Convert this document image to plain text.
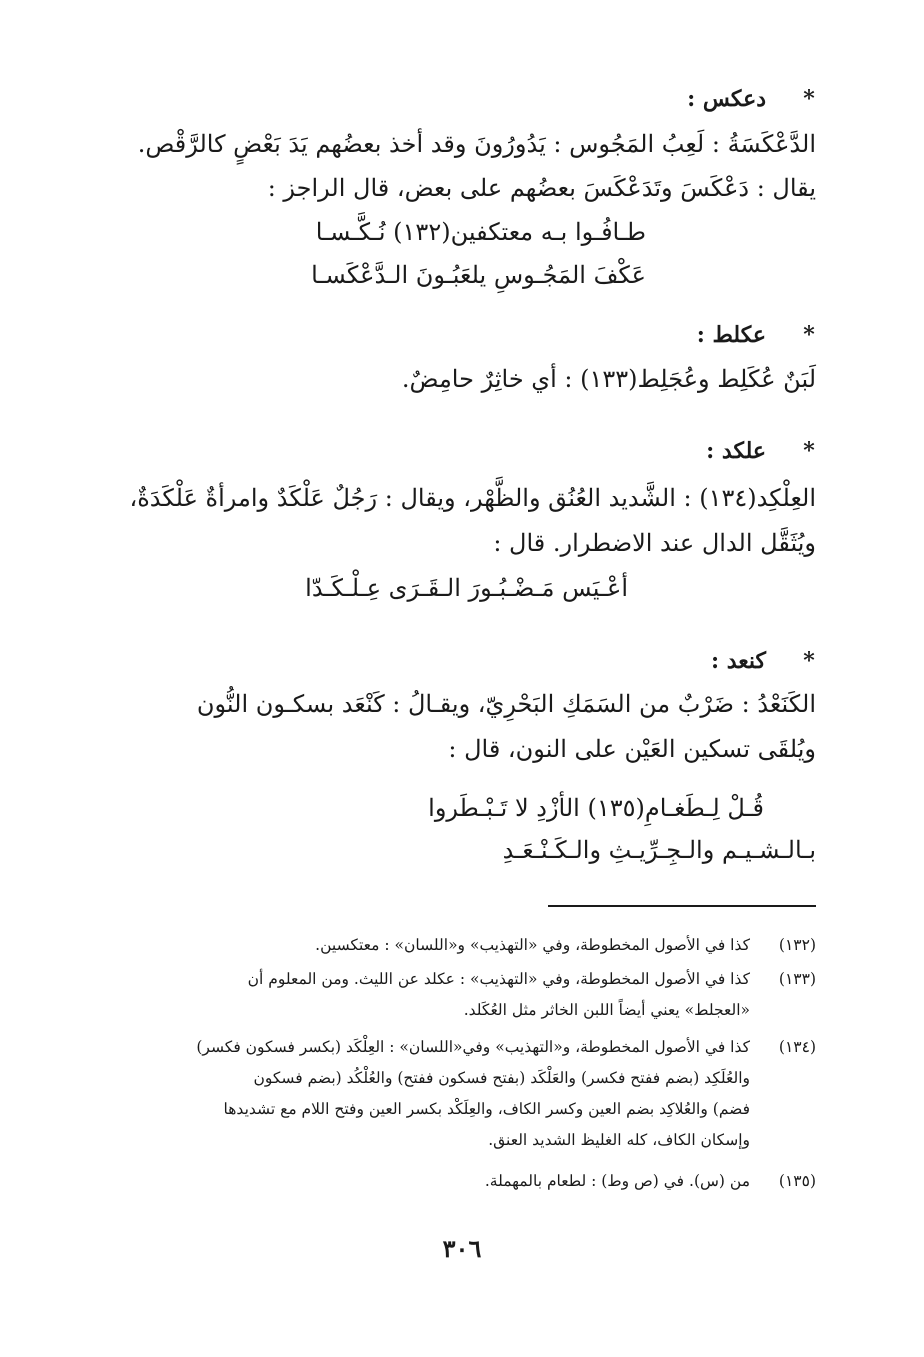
*دعكس :
الدَّعْكَسَةُ : لَعِبُ المَجُوس : يَدُورُونَ وقد أخذ بعضُهم يَدَ بَعْضٍ كالرَّقْص.
يقال : دَعْكَسَ وتَدَعْكَسَ بعضُهم على بعض، قال الراجز :
طـافُـوا بـه معتكفين(١٣٢) نُـكَّـسـا
عَكْفَ المَجُـوسِ يلعَبُـونَ الـدَّعْكَسـا
*عكلط :
لَبَنٌ عُكَلِط وعُجَلِط(١٣٣) : أي خاثِرٌ حامِضٌ.
*علكد :
العِلْكِد(١٣٤) : الشَّديد العُنُق والظَّهْر، ويقال : رَجُلٌ عَلْكَدٌ وامرأةٌ عَلْكَدَةٌ،
ويُثَقَّل الدال عند الاضطرار. قال :
أعْـيَس مَـضْـبُـورَ الـقَـرَى عِـلْـكَـدّا
*كنعد :
الكَنَعْدُ : ضَرْبٌ من السَمَكِ البَحْرِيّ، ويقـالُ : كَنْعَد بسكـون النُّون
ويُلقَى تسكين العَيْن على النون، قال :
قُـلْ لِـطَغـامِ(١٣٥) الأزْدِ لا تَـبْـطَروا
بـالـشـيـم والـجِـرِّيـثِ والـكَـنْـعَـدِ
(١٣٢)
كذا في الأصول المخطوطة، وفي «التهذيب» و«اللسان» : معتكسين.
(١٣٣)
كذا في الأصول المخطوطة، وفي «التهذيب» : عكلد عن الليث. ومن المعلوم أن
«العجلط» يعني أيضاً اللبن الخاثر مثل العُكَلد.
(١٣٤)
كذا في الأصول المخطوطة، و«التهذيب» وفي«اللسان» : العِلْكَد (بكسر فسكون فكسر)
والعُلَكِد (بضم ففتح فكسر) والعَلْكَد (بفتح فسكون ففتح) والعُلْكُد (بضم فسكون
فضم) والعُلاكِد بضم العين وكسر الكاف، والعِلَكْد بكسر العين وفتح اللام مع تشديدها
وإسكان الكاف، كله الغليظ الشديد العنق.
(١٣٥)
من (س). في (ص وط) : لطعام بالمهملة.
٣٠٦
